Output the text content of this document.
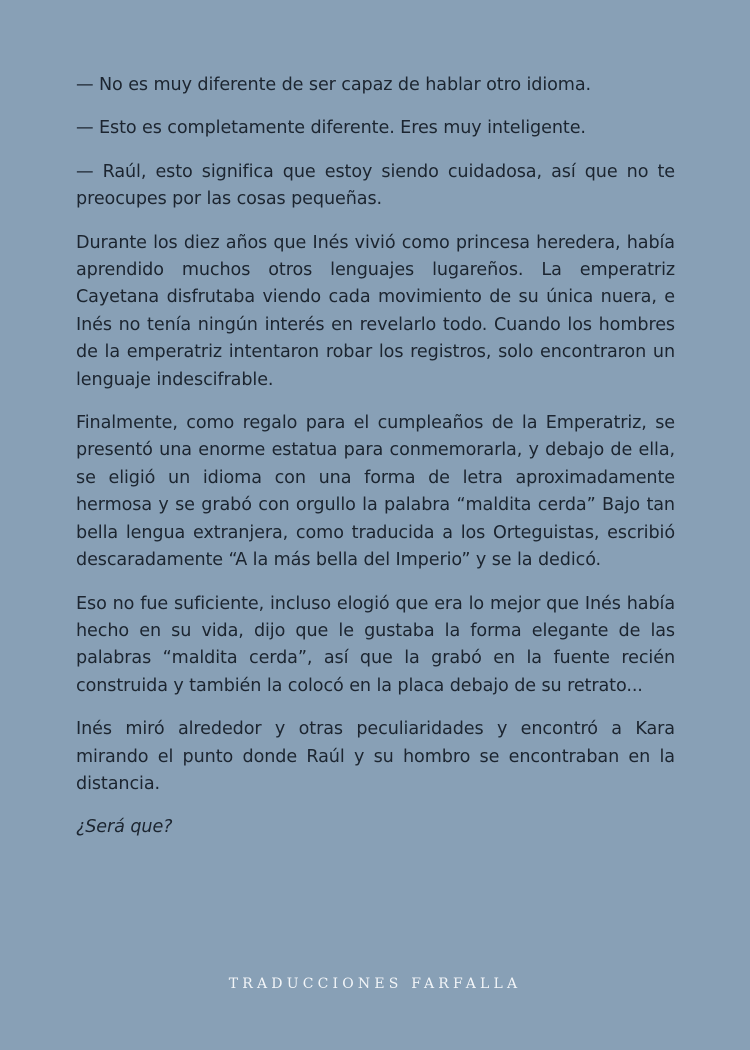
— No es muy diferente de ser capaz de hablar otro idioma.

— Esto es completamente diferente. Eres muy inteligente.

— Raúl, esto significa que estoy siendo cuidadosa, así que no te preocupes por las cosas pequeñas.

Durante los diez años que Inés vivió como princesa heredera, había aprendido muchos otros lenguajes lugareños. La emperatriz Cayetana disfrutaba viendo cada movimiento de su única nuera, e Inés no tenía ningún interés en revelarlo todo. Cuando los hombres de la emperatriz intentaron robar los registros, solo encontraron un lenguaje indescifrable.

Finalmente, como regalo para el cumpleaños de la Emperatriz, se presentó una enorme estatua para conmemorarla, y debajo de ella, se eligió un idioma con una forma de letra aproximadamente hermosa y se grabó con orgullo la palabra “maldita cerda” Bajo tan bella lengua extranjera, como traducida a los Orteguistas, escribió descaradamente “A la más bella del Imperio” y se la dedicó.

Eso no fue suficiente, incluso elogió que era lo mejor que Inés había hecho en su vida, dijo que le gustaba la forma elegante de las palabras “maldita cerda”, así que la grabó en la fuente recién construida y también la colocó en la placa debajo de su retrato...

Inés miró alrededor y otras peculiaridades y encontró a Kara mirando el punto donde Raúl y su hombro se encontraban en la distancia.

¿Será que?

TRADUCCIONES FARFALLA
